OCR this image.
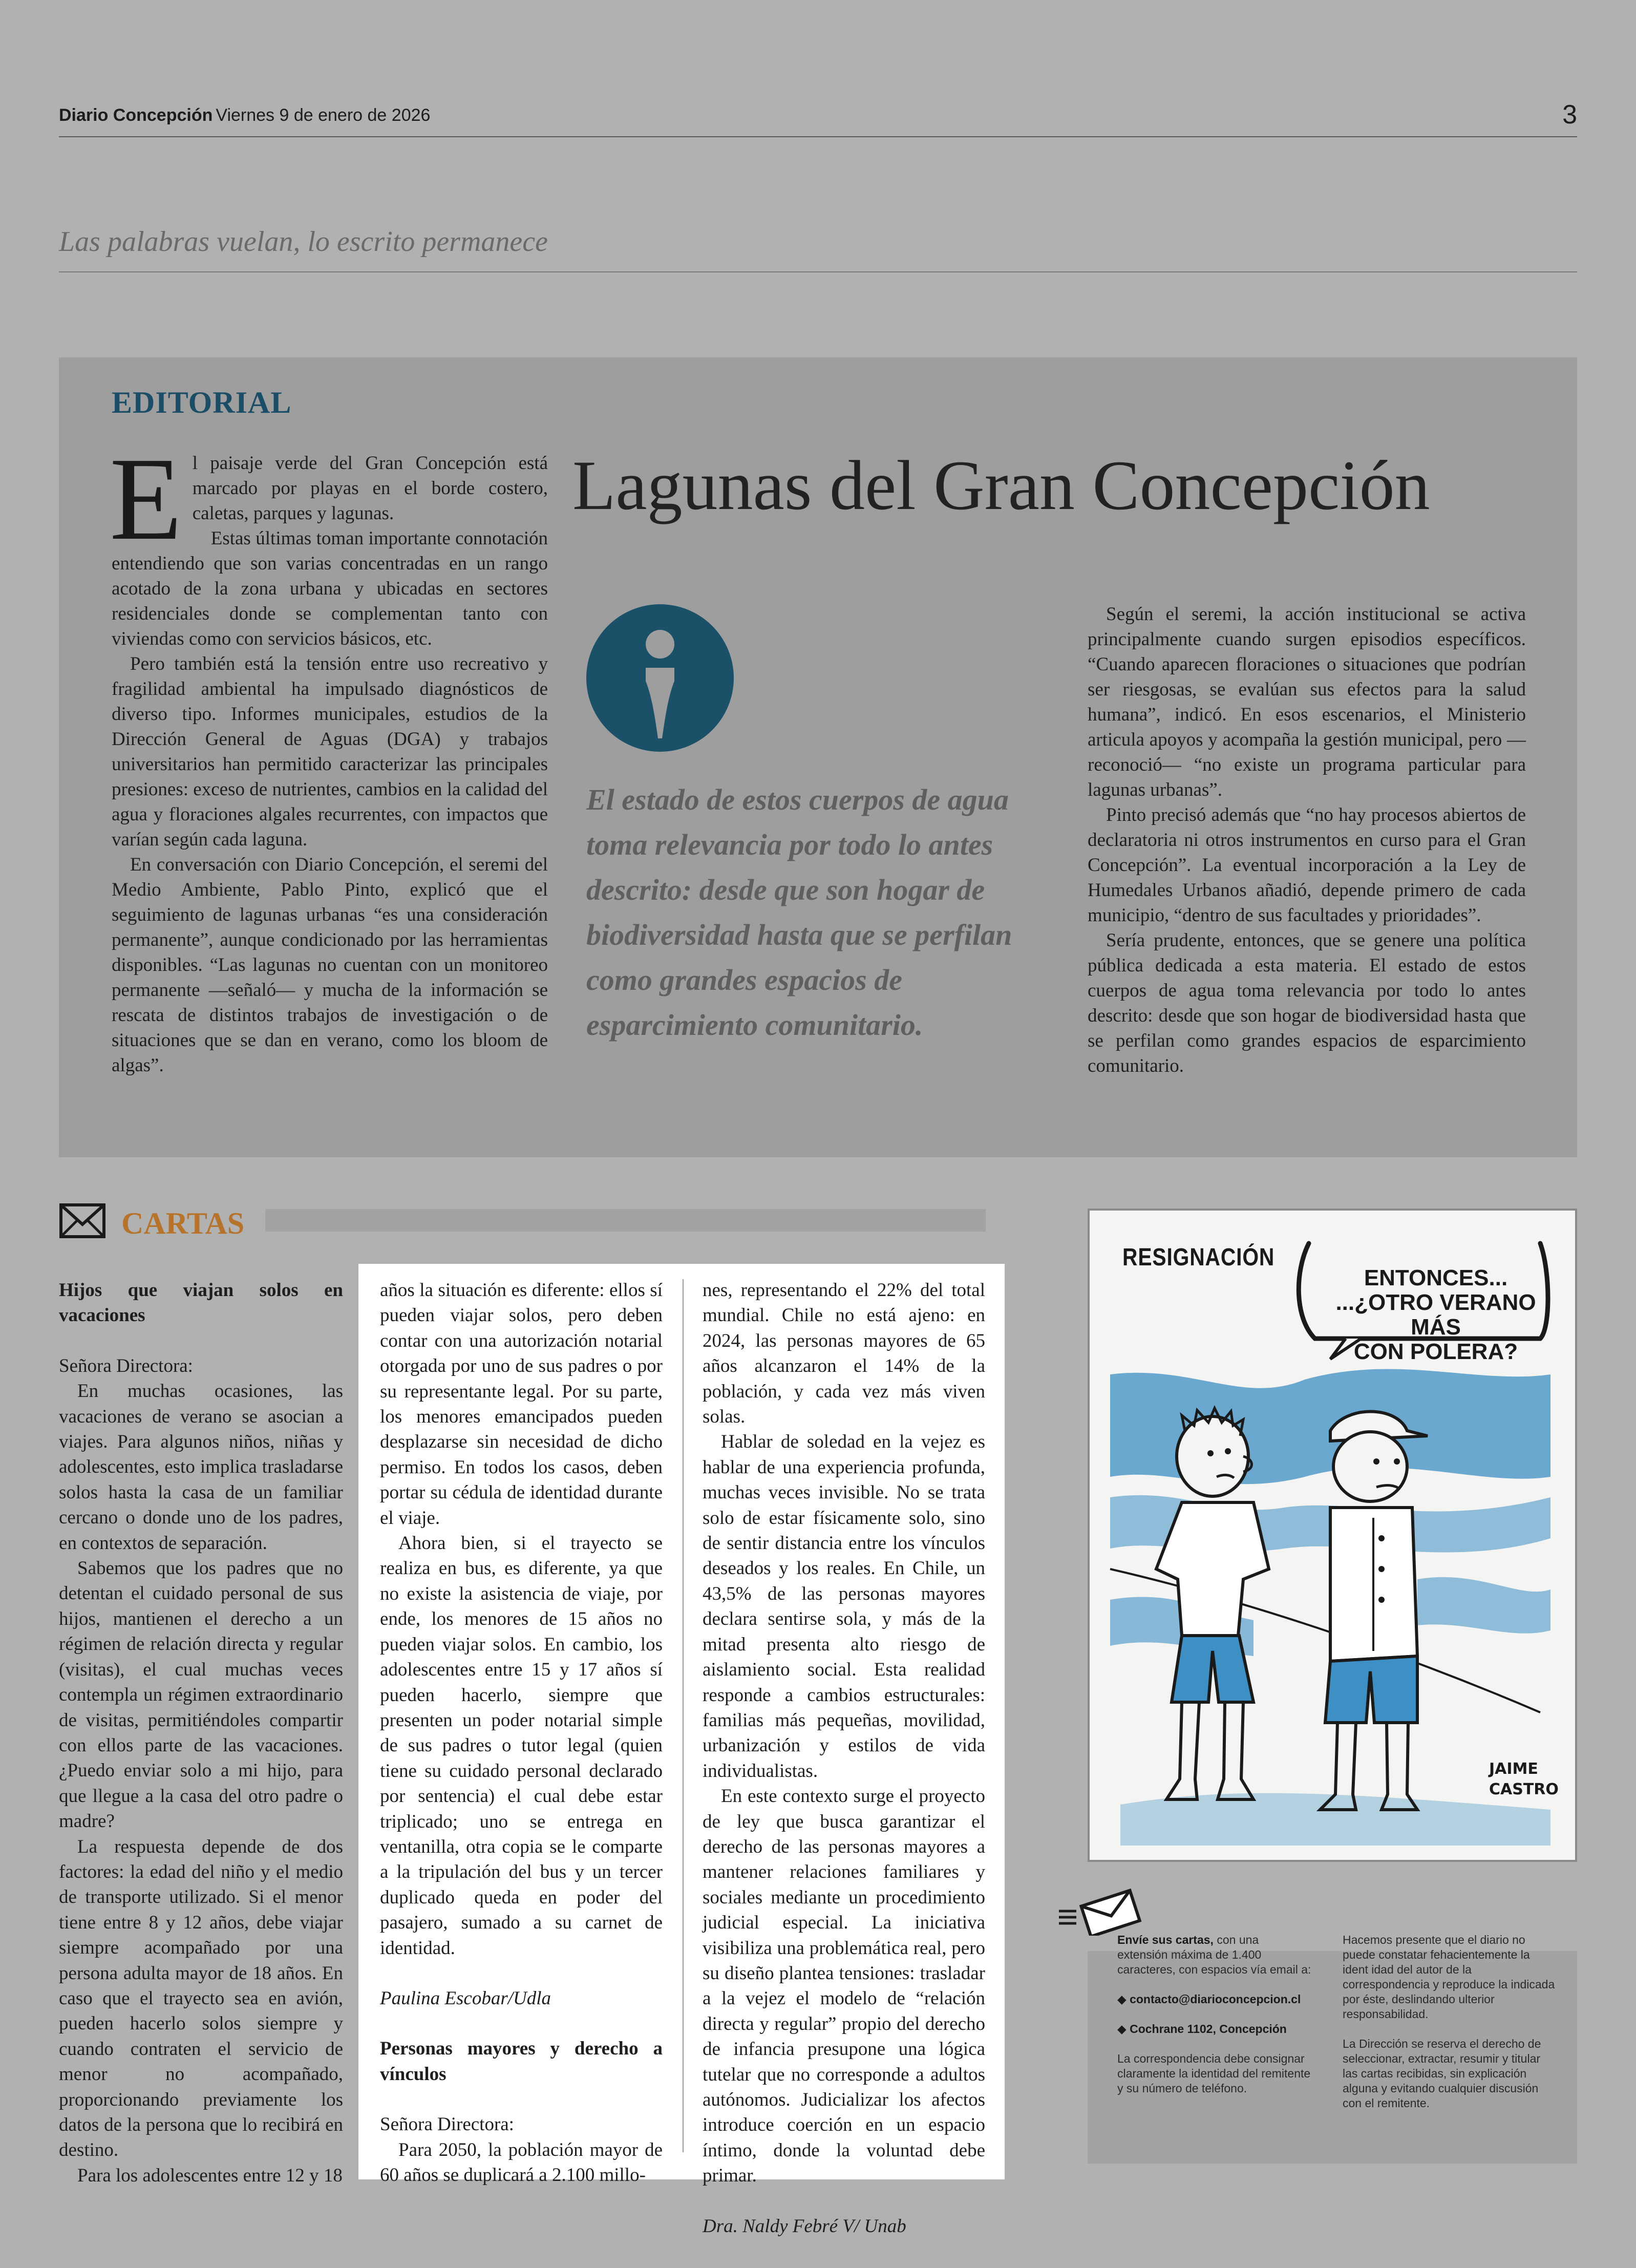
Diario Concepción Viernes 9 de enero de 2026	3
Las palabras vuelan, lo escrito permanece
EDITORIAL
Lagunas del Gran Concepción

El paisaje verde del Gran Concepción está marcado por playas en el borde costero, caletas, parques y lagunas.

Estas últimas toman importante connotación entendiendo que son varias concentradas en un rango acotado de la zona urbana y ubicadas en sectores residenciales donde se complementan tanto con viviendas como con servicios básicos, etc.

Pero también está la tensión entre uso recreativo y fragilidad ambiental ha impulsado diagnósticos de diverso tipo. Informes municipales, estudios de la Dirección General de Aguas (DGA) y trabajos universitarios han permitido caracterizar las principales presiones: exceso de nutrientes, cambios en la calidad del agua y floraciones algales recurrentes, con impactos que varían según cada laguna.

En conversación con Diario Concepción, el seremi del Medio Ambiente, Pablo Pinto, explicó que el seguimiento de lagunas urbanas “es una consideración permanente”, aunque condicionado por las herramientas disponibles. “Las lagunas no cuentan con un monitoreo permanente —señaló— y mucha de la información se rescata de distintos trabajos de investigación o de situaciones que se dan en verano, como los bloom de algas”.

El estado de estos cuerpos de agua toma relevancia por todo lo antes descrito: desde que son hogar de biodiversidad hasta que se perfilan como grandes espacios de esparcimiento comunitario.

Según el seremi, la acción institucional se activa principalmente cuando surgen episodios específicos. “Cuando aparecen floraciones o situaciones que podrían ser riesgosas, se evalúan sus efectos para la salud humana”, indicó. En esos escenarios, el Ministerio articula apoyos y acompaña la gestión municipal, pero —reconoció— “no existe un programa particular para lagunas urbanas”.

Pinto precisó además que “no hay procesos abiertos de declaratoria ni otros instrumentos en curso para el Gran Concepción”. La eventual incorporación a la Ley de Humedales Urbanos añadió, depende primero de cada municipio, “dentro de sus facultades y prioridades”.

Sería prudente, entonces, que se genere una política pública dedicada a esta materia. El estado de estos cuerpos de agua toma relevancia por todo lo antes descrito: desde que son hogar de biodiversidad hasta que se perfilan como grandes espacios de esparcimiento comunitario.

CARTAS

Hijos que viajan solos en vacaciones

Señora Directora:

En muchas ocasiones, las vacaciones de verano se asocian a viajes. Para algunos niños, niñas y adolescentes, esto implica trasladarse solos hasta la casa de un familiar cercano o donde uno de los padres, en contextos de separación.

Sabemos que los padres que no detentan el cuidado personal de sus hijos, mantienen el derecho a un régimen de relación directa y regular (visitas), el cual muchas veces contempla un régimen extraordinario de visitas, permitiéndoles compartir con ellos parte de las vacaciones. ¿Puedo enviar solo a mi hijo, para que llegue a la casa del otro padre o madre?

La respuesta depende de dos factores: la edad del niño y el medio de transporte utilizado. Si el menor tiene entre 8 y 12 años, debe viajar siempre acompañado por una persona adulta mayor de 18 años. En caso que el trayecto sea en avión, pueden hacerlo solos siempre y cuando contraten el servicio de menor no acompañado, proporcionando previamente los datos de la persona que lo recibirá en destino.

Para los adolescentes entre 12 y 18

años la situación es diferente: ellos sí pueden viajar solos, pero deben contar con una autorización notarial otorgada por uno de sus padres o por su representante legal. Por su parte, los menores emancipados pueden desplazarse sin necesidad de dicho permiso. En todos los casos, deben portar su cédula de identidad durante el viaje.

Ahora bien, si el trayecto se realiza en bus, es diferente, ya que no existe la asistencia de viaje, por ende, los menores de 15 años no pueden viajar solos. En cambio, los adolescentes entre 15 y 17 años sí pueden hacerlo, siempre que presenten un poder notarial simple de sus padres o tutor legal (quien tiene su cuidado personal declarado por sentencia) el cual debe estar triplicado; uno se entrega en ventanilla, otra copia se le comparte a la tripulación del bus y un tercer duplicado queda en poder del pasajero, sumado a su carnet de identidad.

Paulina Escobar/Udla

Personas mayores y derecho a vínculos

Señora Directora:

Para 2050, la población mayor de 60 años se duplicará a 2.100 millo-

nes, representando el 22% del total mundial. Chile no está ajeno: en 2024, las personas mayores de 65 años alcanzaron el 14% de la población, y cada vez más viven solas.

Hablar de soledad en la vejez es hablar de una experiencia profunda, muchas veces invisible. No se trata solo de estar físicamente solo, sino de sentir distancia entre los vínculos deseados y los reales. En Chile, un 43,5% de las personas mayores declara sentirse sola, y más de la mitad presenta alto riesgo de aislamiento social. Esta realidad responde a cambios estructurales: familias más pequeñas, movilidad, urbanización y estilos de vida individualistas.

En este contexto surge el proyecto de ley que busca garantizar el derecho de las personas mayores a mantener relaciones familiares y sociales mediante un procedimiento judicial especial. La iniciativa visibiliza una problemática real, pero su diseño plantea tensiones: trasladar a la vejez el modelo de “relación directa y regular” propio del derecho de infancia presupone una lógica tutelar que no corresponde a adultos autónomos. Judicializar los afectos introduce coerción en un espacio íntimo, donde la voluntad debe primar.

Dra. Naldy Febré V/ Unab

JAIME
CASTRO
RESIGNACIÓN
ENTONCES...
...¿OTRO VERANO MÁS
CON POLERA?

Envíe sus cartas, con una extensión máxima de 1.400 caracteres, con espacios vía email a:

◆ contacto@diarioconcepcion.cl

◆ Cochrane 1102, Concepción

La correspondencia debe consignar claramente la identidad del remitente y su número de teléfono.

Hacemos presente que el diario no puede constatar fehacientemente la ident idad del autor de la correspondencia y reproduce la indicada por éste, deslindando ulterior responsabilidad.

La Dirección se reserva el derecho de seleccionar, extractar, resumir y titular las cartas recibidas, sin explicación alguna y evitando cualquier discusión con el remitente.
